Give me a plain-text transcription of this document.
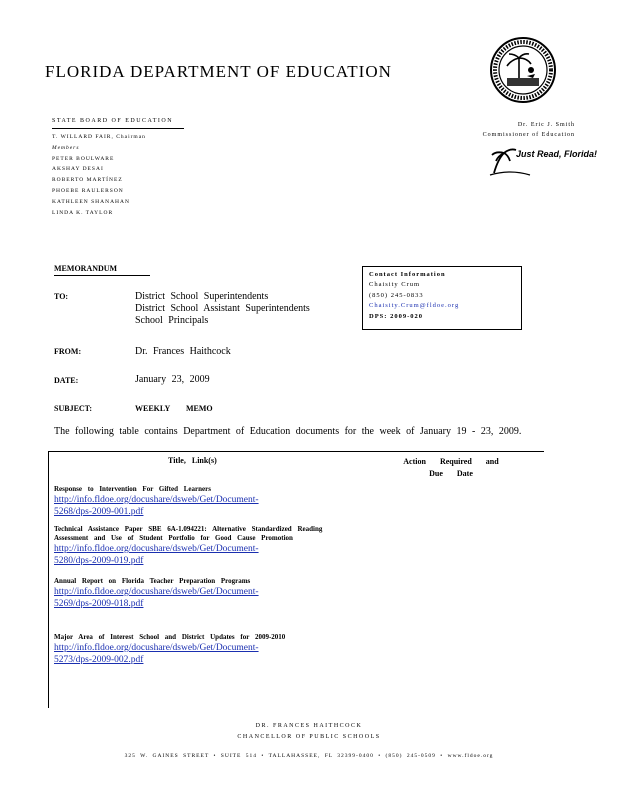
FLORIDA DEPARTMENT OF EDUCATION
STATE BOARD OF EDUCATION
T. WILLARD FAIR, Chairman
Members
PETER BOULWARE
AKSHAY DESAI
ROBERTO MARTÍNEZ
PHOEBE RAULERSON
KATHLEEN SHANAHAN
LINDA K. TAYLOR
Dr. Eric J. Smith
Commissioner of Education
Just Read, Florida!
MEMORANDUM
Contact Information
Chaisity Crum
(850) 245-0833
Chaisity.Crum@fldoe.org
DPS: 2009-020
TO:	District School Superintendents
District School Assistant Superintendents
School Principals
FROM:	Dr. Frances Haithcock
DATE:	January 23, 2009
SUBJECT:	WEEKLY MEMO
The following table contains Department of Education documents for the week of January 19 - 23, 2009.
Title, Link(s)	Action Required and Due Date
Response to Intervention For Gifted Learners
http://info.fldoe.org/docushare/dsweb/Get/Document-
5268/dps-2009-001.pdf
Technical Assistance Paper SBE 6A-1.094221: Alternative Standardized Reading Assessment and Use of Student Portfolio for Good Cause Promotion
http://info.fldoe.org/docushare/dsweb/Get/Document-
5280/dps-2009-019.pdf
Annual Report on Florida Teacher Preparation Programs
http://info.fldoe.org/docushare/dsweb/Get/Document-
5269/dps-2009-018.pdf
Major Area of Interest School and District Updates for 2009-2010
http://info.fldoe.org/docushare/dsweb/Get/Document-
5273/dps-2009-002.pdf
DR. FRANCES HAITHCOCK
CHANCELLOR OF PUBLIC SCHOOLS
325 W. GAINES STREET • SUITE 514 • TALLAHASSEE, FL 32399-0400 • (850) 245-0509 • www.fldoe.org
